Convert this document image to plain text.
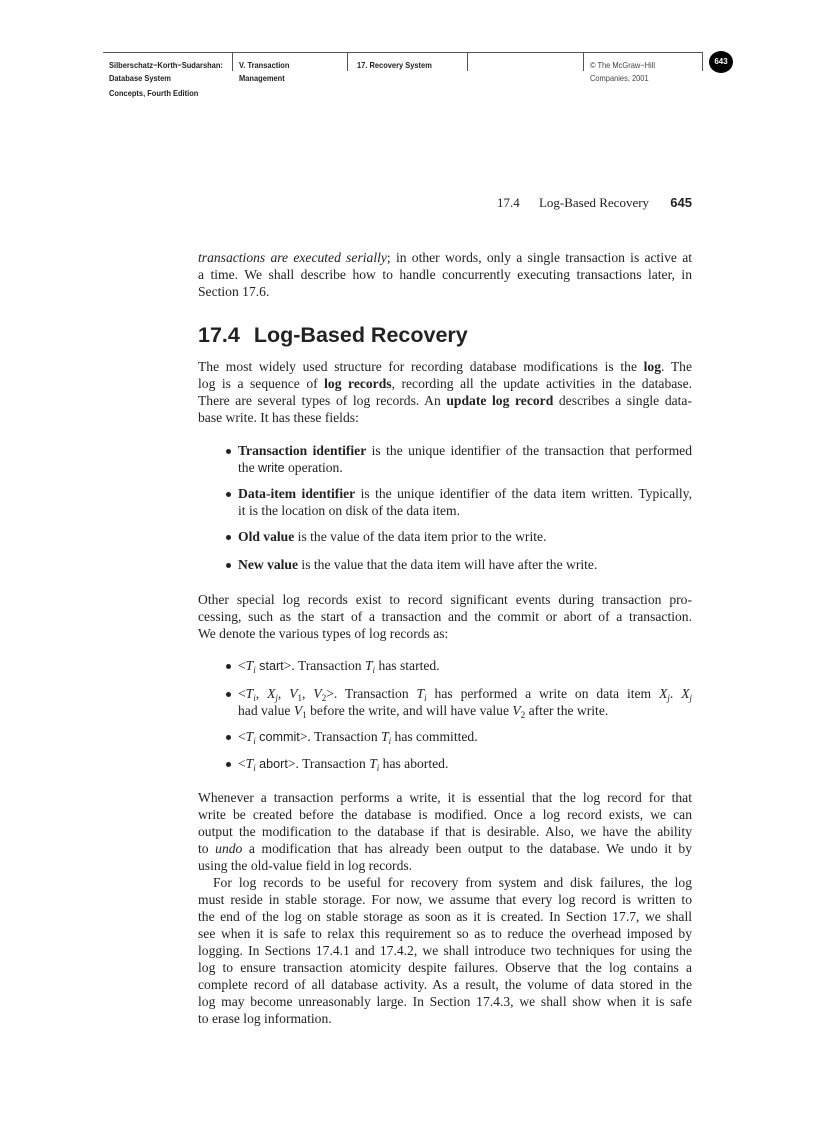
Silberschatz−Korth−Sudarshan:
Database System
Concepts, Fourth Edition
V. Transaction
Management
17. Recovery System	© The McGraw−Hill
Companies, 2001
643
17.4 Log-Based Recovery 645
17.4 Log-Based Recovery
transactions are executed serially; in other words, only a single transaction is active at
a time. We shall describe how to handle concurrently executing transactions later, in
Section 17.6.
The most widely used structure for recording database modifications is the log. The
log is a sequence of log records, recording all the update activities in the database.
There are several types of log records. An update log record describes a single data-
base write. It has these fields:
Transaction identifier is the unique identifier of the transaction that performed
the write operation.
Data-item identifier is the unique identifier of the data item written. Typically,
it is the location on disk of the data item.
Old value is the value of the data item prior to the write.
New value is the value that the data item will have after the write.
Other special log records exist to record significant events during transaction pro-
cessing, such as the start of a transaction and the commit or abort of a transaction.
We denote the various types of log records as:
$<T_i$ start>. Transaction $T_i$ has started.
$<T_i$, $X_j$, $V_1$, $V_2>$. Transaction $T_i$ has performed a write on data item $X_j$. $X_j$
had value $V_1$ before the write, and will have value $V_2$ after the write.
$<T_i$ commit>. Transaction $T_i$ has committed.
$<T_i$ abort>. Transaction $T_i$ has aborted.
Whenever a transaction performs a write, it is essential that the log record for that
write be created before the database is modified. Once a log record exists, we can
output the modification to the database if that is desirable. Also, we have the ability
to undo a modification that has already been output to the database. We undo it by
using the old-value field in log records.
For log records to be useful for recovery from system and disk failures, the log
must reside in stable storage. For now, we assume that every log record is written to
the end of the log on stable storage as soon as it is created. In Section 17.7, we shall
see when it is safe to relax this requirement so as to reduce the overhead imposed by
logging. In Sections 17.4.1 and 17.4.2, we shall introduce two techniques for using the
log to ensure transaction atomicity despite failures. Observe that the log contains a
complete record of all database activity. As a result, the volume of data stored in the
log may become unreasonably large. In Section 17.4.3, we shall show when it is safe
to erase log information.
